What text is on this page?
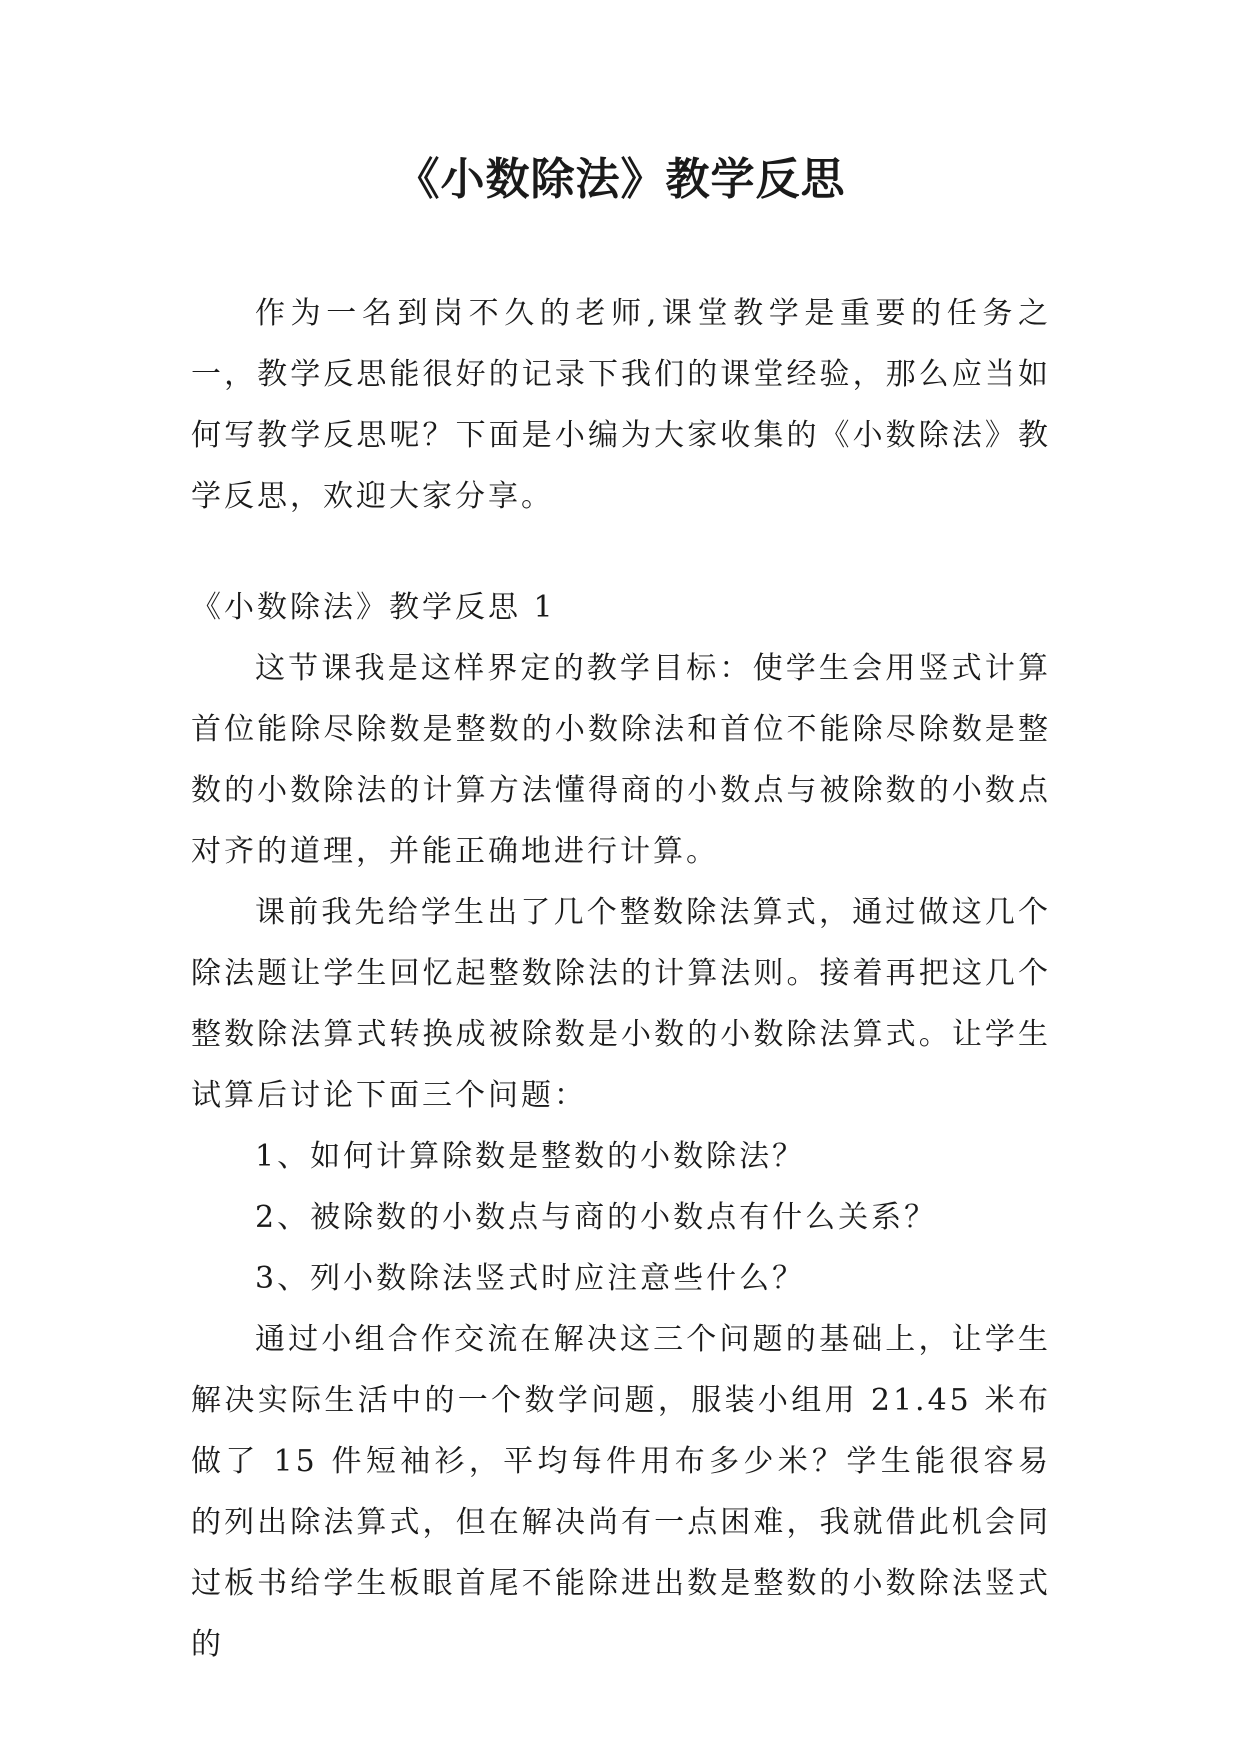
《小数除法》教学反思

作为一名到岗不久的老师,课堂教学是重要的任务之一，教学反思能很好的记录下我们的课堂经验，那么应当如何写教学反思呢？下面是小编为大家收集的《小数除法》教学反思，欢迎大家分享。

《小数除法》教学反思 1

这节课我是这样界定的教学目标：使学生会用竖式计算首位能除尽除数是整数的小数除法和首位不能除尽除数是整数的小数除法的计算方法懂得商的小数点与被除数的小数点对齐的道理，并能正确地进行计算。

课前我先给学生出了几个整数除法算式，通过做这几个除法题让学生回忆起整数除法的计算法则。接着再把这几个整数除法算式转换成被除数是小数的小数除法算式。让学生试算后讨论下面三个问题：

1、如何计算除数是整数的小数除法？

2、被除数的小数点与商的小数点有什么关系？

3、列小数除法竖式时应注意些什么？

通过小组合作交流在解决这三个问题的基础上，让学生解决实际生活中的一个数学问题，服装小组用 21.45 米布做了 15 件短袖衫，平均每件用布多少米？学生能很容易的列出除法算式，但在解决尚有一点困难，我就借此机会同过板书给学生板眼首尾不能除进出数是整数的小数除法竖式的
